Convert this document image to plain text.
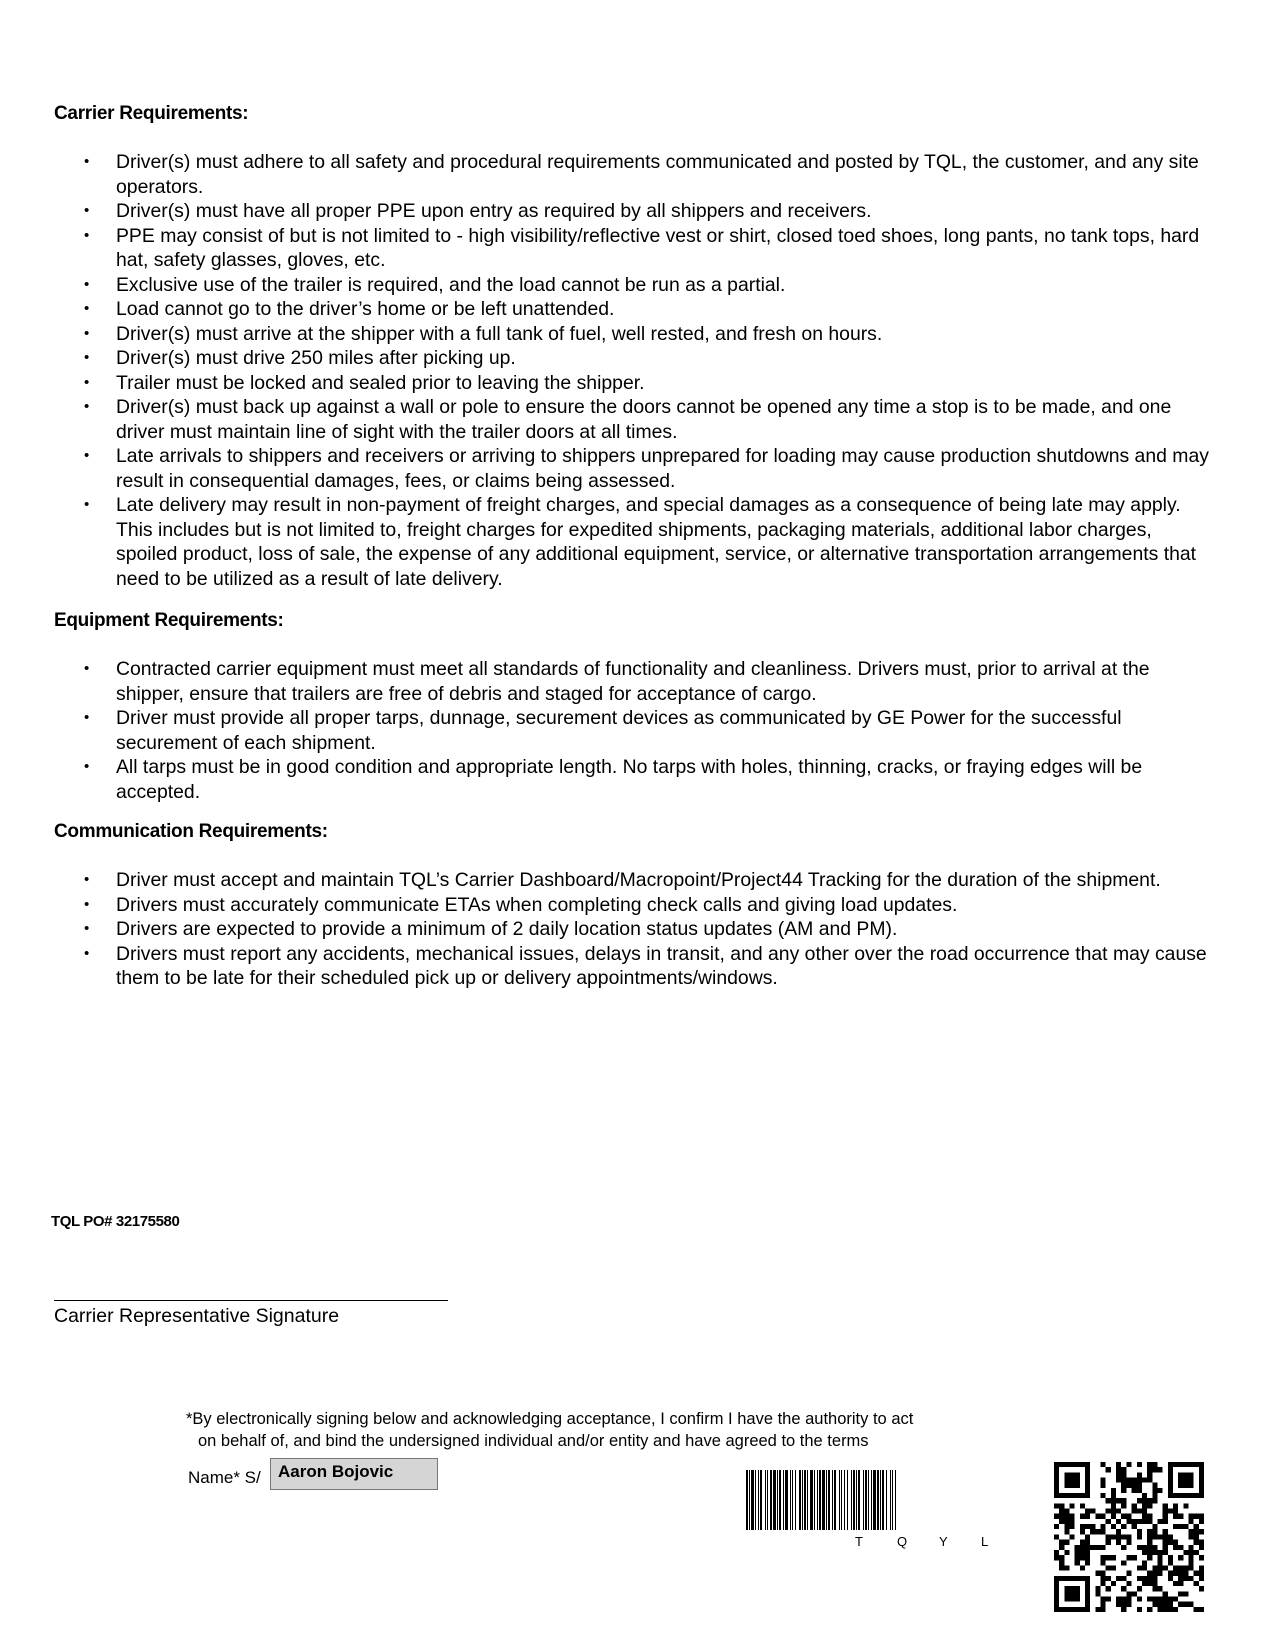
Carrier Requirements:
• Driver(s) must adhere to all safety and procedural requirements communicated and posted by TQL, the customer, and any site operators.
• Driver(s) must have all proper PPE upon entry as required by all shippers and receivers.
• PPE may consist of but is not limited to - high visibility/reflective vest or shirt, closed toed shoes, long pants, no tank tops, hard hat, safety glasses, gloves, etc.
• Exclusive use of the trailer is required, and the load cannot be run as a partial.
• Load cannot go to the driver’s home or be left unattended.
• Driver(s) must arrive at the shipper with a full tank of fuel, well rested, and fresh on hours.
• Driver(s) must drive 250 miles after picking up.
• Trailer must be locked and sealed prior to leaving the shipper.
• Driver(s) must back up against a wall or pole to ensure the doors cannot be opened any time a stop is to be made, and one driver must maintain line of sight with the trailer doors at all times.
• Late arrivals to shippers and receivers or arriving to shippers unprepared for loading may cause production shutdowns and may result in consequential damages, fees, or claims being assessed.
• Late delivery may result in non-payment of freight charges, and special damages as a consequence of being late may apply. This includes but is not limited to, freight charges for expedited shipments, packaging materials, additional labor charges, spoiled product, loss of sale, the expense of any additional equipment, service, or alternative transportation arrangements that need to be utilized as a result of late delivery.
Equipment Requirements:
• Contracted carrier equipment must meet all standards of functionality and cleanliness. Drivers must, prior to arrival at the shipper, ensure that trailers are free of debris and staged for acceptance of cargo.
• Driver must provide all proper tarps, dunnage, securement devices as communicated by GE Power for the successful securement of each shipment.
• All tarps must be in good condition and appropriate length. No tarps with holes, thinning, cracks, or fraying edges will be accepted.
Communication Requirements:
• Driver must accept and maintain TQL’s Carrier Dashboard/Macropoint/Project44 Tracking for the duration of the shipment.
• Drivers must accurately communicate ETAs when completing check calls and giving load updates.
• Drivers are expected to provide a minimum of 2 daily location status updates (AM and PM).
• Drivers must report any accidents, mechanical issues, delays in transit, and any other over the road occurrence that may cause them to be late for their scheduled pick up or delivery appointments/windows.
TQL PO# 32175580
Carrier Representative Signature
*By electronically signing below and acknowledging acceptance, I confirm I have the authority to act
on behalf of, and bind the undersigned individual and/or entity and have agreed to the terms
Name* S/	Aaron Bojovic
T	Q Y	L
